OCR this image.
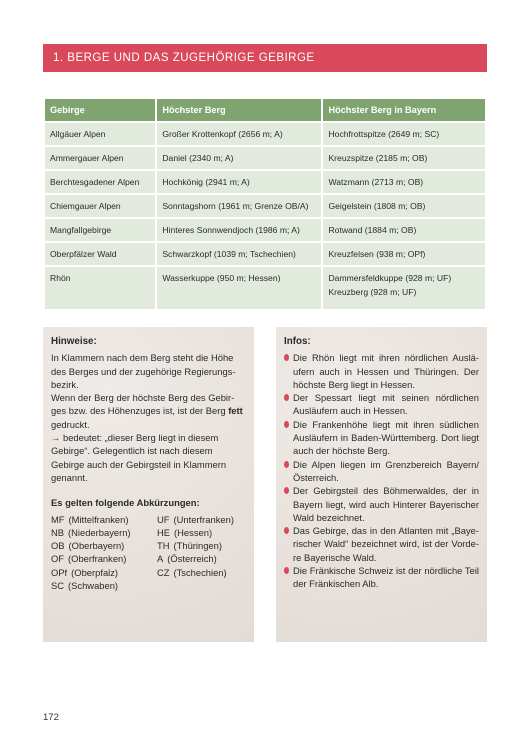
1. BERGE UND DAS ZUGEHÖRIGE GEBIRGE
Gebirge	Höchster Berg	Höchster Berg in Bayern
Allgäuer Alpen	Großer Krottenkopf (2656 m; A)	Hochfrottspitze (2649 m; SC)
Ammergauer Alpen	Daniel (2340 m; A)	Kreuzspitze (2185 m; OB)
Berchtesgadener Alpen	Hochkönig (2941 m; A)	Watzmann (2713 m; OB)
Chiemgauer Alpen	Sonntagshorn (1961 m; Grenze OB/A)	Geigelstein (1808 m; OB)
Mangfallgebirge	Hinteres Sonnwendjoch (1986 m; A)	Rotwand (1884 m; OB)
Oberpfälzer Wald	Schwarzkopf (1039 m; Tschechien)	Kreuzfelsen (938 m; OPf)
Rhön	Wasserkuppe (950 m; Hessen)	Dammersfeldkuppe (928 m; UF)
Kreuzberg (928 m; UF)
Hinweise:
In Klammern nach dem Berg steht die Höhe des Berges und der zugehörige Regierungsbezirk.
Wenn der Berg der höchste Berg des Gebirges bzw. des Höhenzuges ist, ist der Berg fett gedruckt.
→ bedeutet: „dieser Berg liegt in diesem Gebirge“. Gelegentlich ist nach diesem Gebirge auch der Gebirgsteil in Klammern genannt.
Es gelten folgende Abkürzungen:
MF (Mittelfranken)	UF (Unterfranken)
NB (Niederbayern)	HE (Hessen)
OB (Oberbayern)	TH (Thüringen)
OF (Oberfranken)	A (Österreich)
OPf (Oberpfalz)	CZ (Tschechien)
SC (Schwaben)
Infos:
Die Rhön liegt mit ihren nördlichen Ausläufern auch in Hessen und Thüringen. Der höchste Berg liegt in Hessen.
Der Spessart liegt mit seinen nördlichen Ausläufern auch in Hessen.
Die Frankenhöhe liegt mit ihren südlichen Ausläufern in Baden-Württemberg. Dort liegt auch der höchste Berg.
Die Alpen liegen im Grenzbereich Bayern/ Österreich.
Der Gebirgsteil des Böhmerwaldes, der in Bayern liegt, wird auch Hinterer Bayerischer Wald bezeichnet.
Das Gebirge, das in den Atlanten mit „Bayerischer Wald“ bezeichnet wird, ist der Vordere Bayerische Wald.
Die Fränkische Schweiz ist der nördliche Teil der Fränkischen Alb.
172
